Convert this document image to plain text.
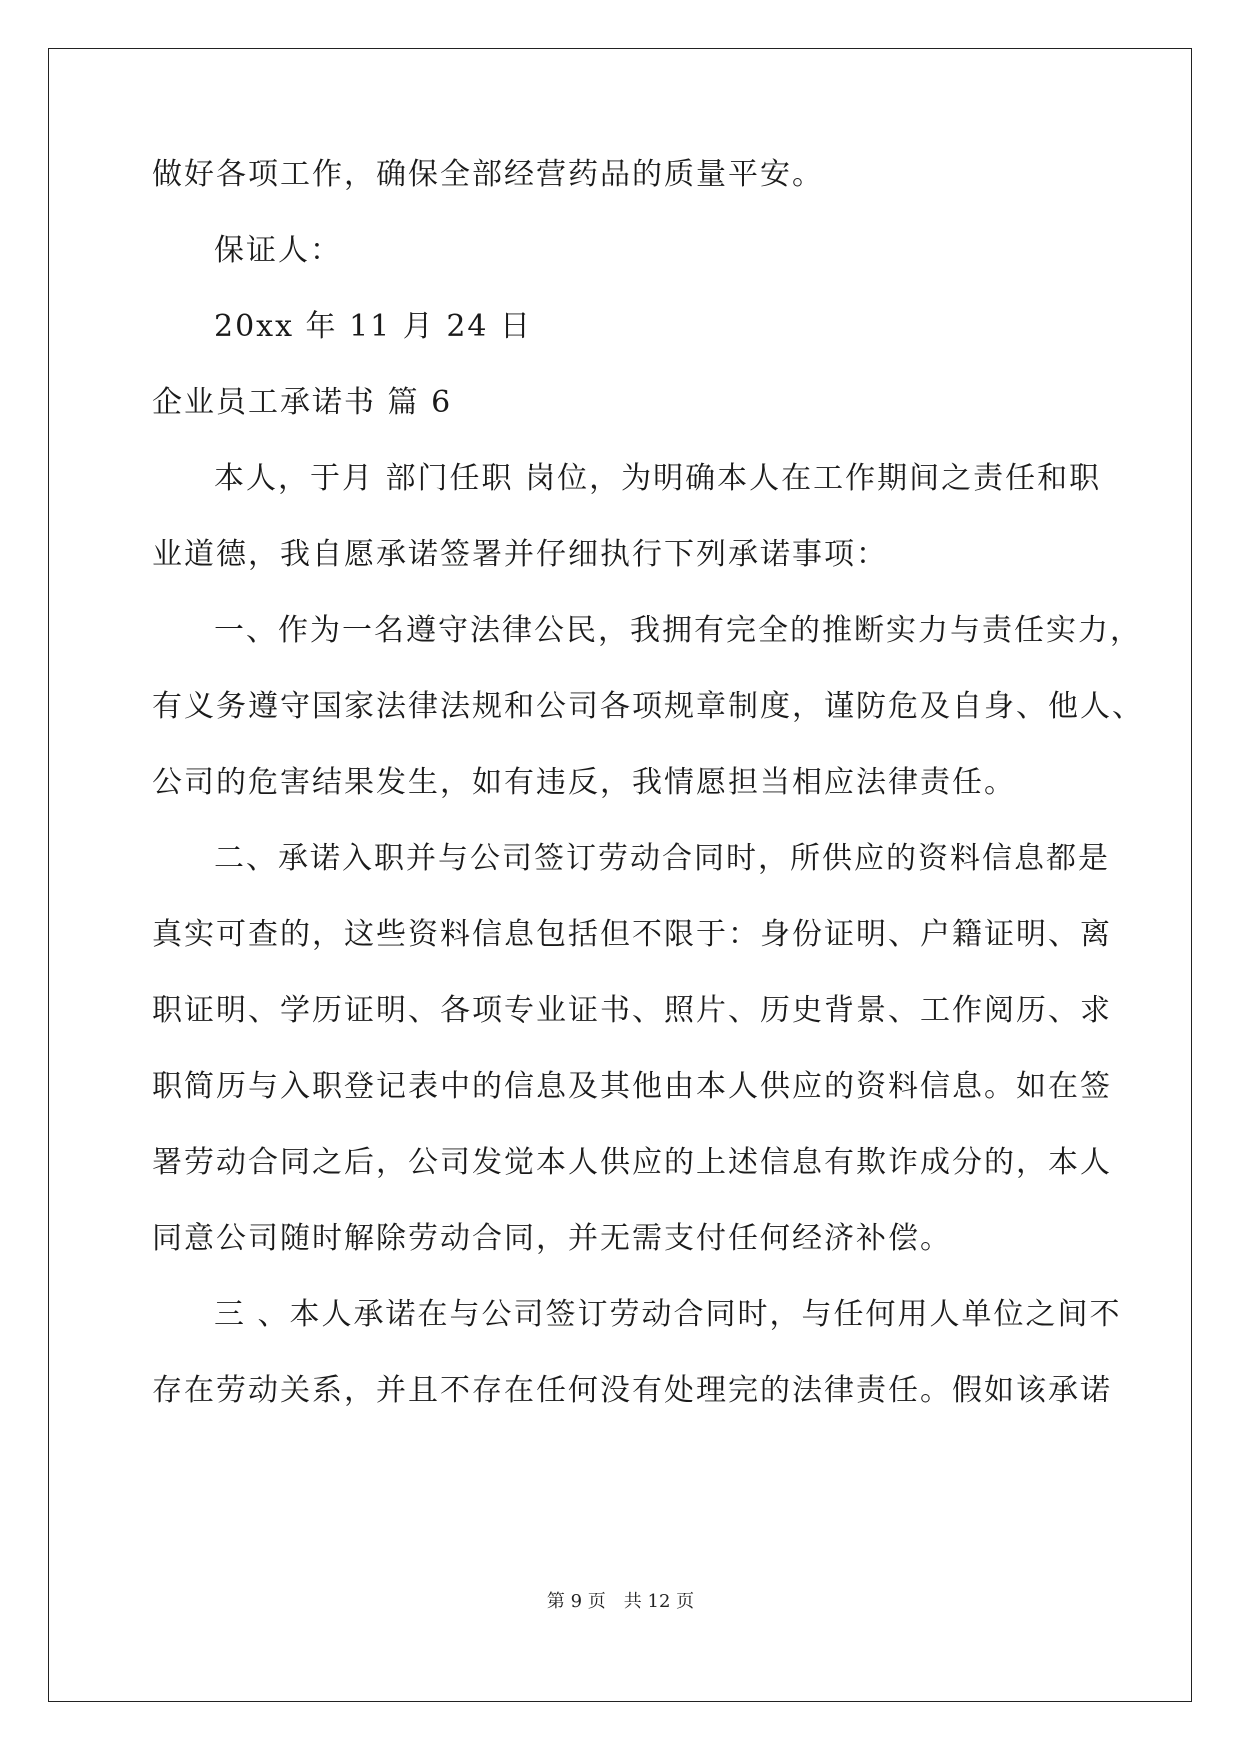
做好各项工作，确保全部经营药品的质量平安。
保证人：
20xx 年 11 月 24 日
企业员工承诺书 篇 6
本人，于月 部门任职 岗位，为明确本人在工作期间之责任和职
业道德，我自愿承诺签署并仔细执行下列承诺事项：
一、作为一名遵守法律公民，我拥有完全的推断实力与责任实力，
有义务遵守国家法律法规和公司各项规章制度，谨防危及自身、他人、
公司的危害结果发生，如有违反，我情愿担当相应法律责任。
二、承诺入职并与公司签订劳动合同时，所供应的资料信息都是
真实可查的，这些资料信息包括但不限于：身份证明、户籍证明、离
职证明、学历证明、各项专业证书、照片、历史背景、工作阅历、求
职简历与入职登记表中的信息及其他由本人供应的资料信息。如在签
署劳动合同之后，公司发觉本人供应的上述信息有欺诈成分的，本人
同意公司随时解除劳动合同，并无需支付任何经济补偿。
三 、本人承诺在与公司签订劳动合同时，与任何用人单位之间不
存在劳动关系，并且不存在任何没有处理完的法律责任。假如该承诺
第 9 页 共 12 页
